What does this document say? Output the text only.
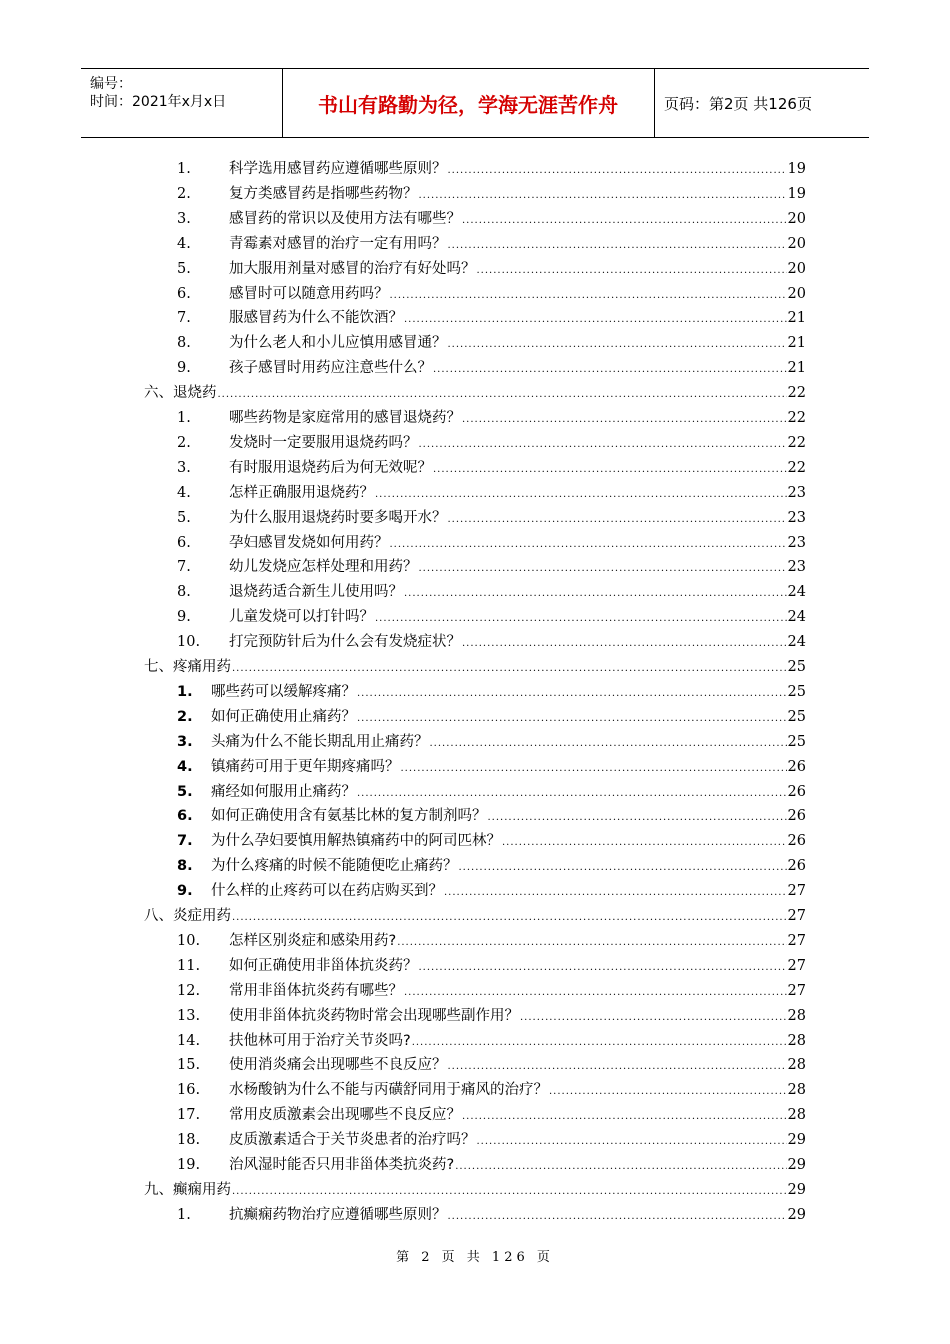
编号：
时间：2021年x月x日	书山有路勤为径，学海无涯苦作舟	页码：第2页 共126页
1.	科学选用感冒药应遵循哪些原则？ .....	19
2.	复方类感冒药是指哪些药物？ .....	19
3.	感冒药的常识以及使用方法有哪些？ .....	20
4.	青霉素对感冒的治疗一定有用吗？ .....	20
5.	加大服用剂量对感冒的治疗有好处吗？ .....	20
6.	感冒时可以随意用药吗？ .....	20
7.	服感冒药为什么不能饮酒？ .....	21
8.	为什么老人和小儿应慎用感冒通？ .....	21
9.	孩子感冒时用药应注意些什么？ .....	21
六、 退烧药 .....	22
1.	哪些药物是家庭常用的感冒退烧药？ .....	22
2.	发烧时一定要服用退烧药吗？ .....	22
3.	有时服用退烧药后为何无效呢？ .....	22
4.	怎样正确服用退烧药？ .....	23
5.	为什么服用退烧药时要多喝开水？ .....	23
6.	孕妇感冒发烧如何用药？ .....	23
7.	幼儿发烧应怎样处理和用药？ .....	23
8.	退烧药适合新生儿使用吗？ .....	24
9.	儿童发烧可以打针吗？ .....	24
10.	打完预防针后为什么会有发烧症状？ .....	24
七、 疼痛用药 .....	25
1.	哪些药可以缓解疼痛？ .....	25
2.	如何正确使用止痛药？ .....	25
3.	头痛为什么不能长期乱用止痛药？ .....	25
4.	镇痛药可用于更年期疼痛吗？ .....	26
5.	痛经如何服用止痛药？ .....	26
6.	如何正确使用含有氨基比林的复方制剂吗？ .....	26
7.	为什么孕妇要慎用解热镇痛药中的阿司匹林？ .....	26
8.	为什么疼痛的时候不能随便吃止痛药？ .....	26
9.	什么样的止疼药可以在药店购买到？ .....	27
八、 炎症用药 .....	27
10.	怎样区别炎症和感染用药? .....	27
11.	如何正确使用非甾体抗炎药？ .....	27
12.	常用非甾体抗炎药有哪些？ .....	27
13.	使用非甾体抗炎药物时常会出现哪些副作用？ .....	28
14.	扶他林可用于治疗关节炎吗? .....	28
15.	使用消炎痛会出现哪些不良反应？ .....	28
16.	水杨酸钠为什么不能与丙磺舒同用于痛风的治疗？ .....	28
17.	常用皮质激素会出现哪些不良反应？ .....	28
18.	皮质激素适合于关节炎患者的治疗吗？ .....	29
19.	治风湿时能否只用非甾体类抗炎药? .....	29
九、 癫痫用药 .....	29
1.	抗癫痫药物治疗应遵循哪些原则？ .....	29
第 2 页 共 126 页
